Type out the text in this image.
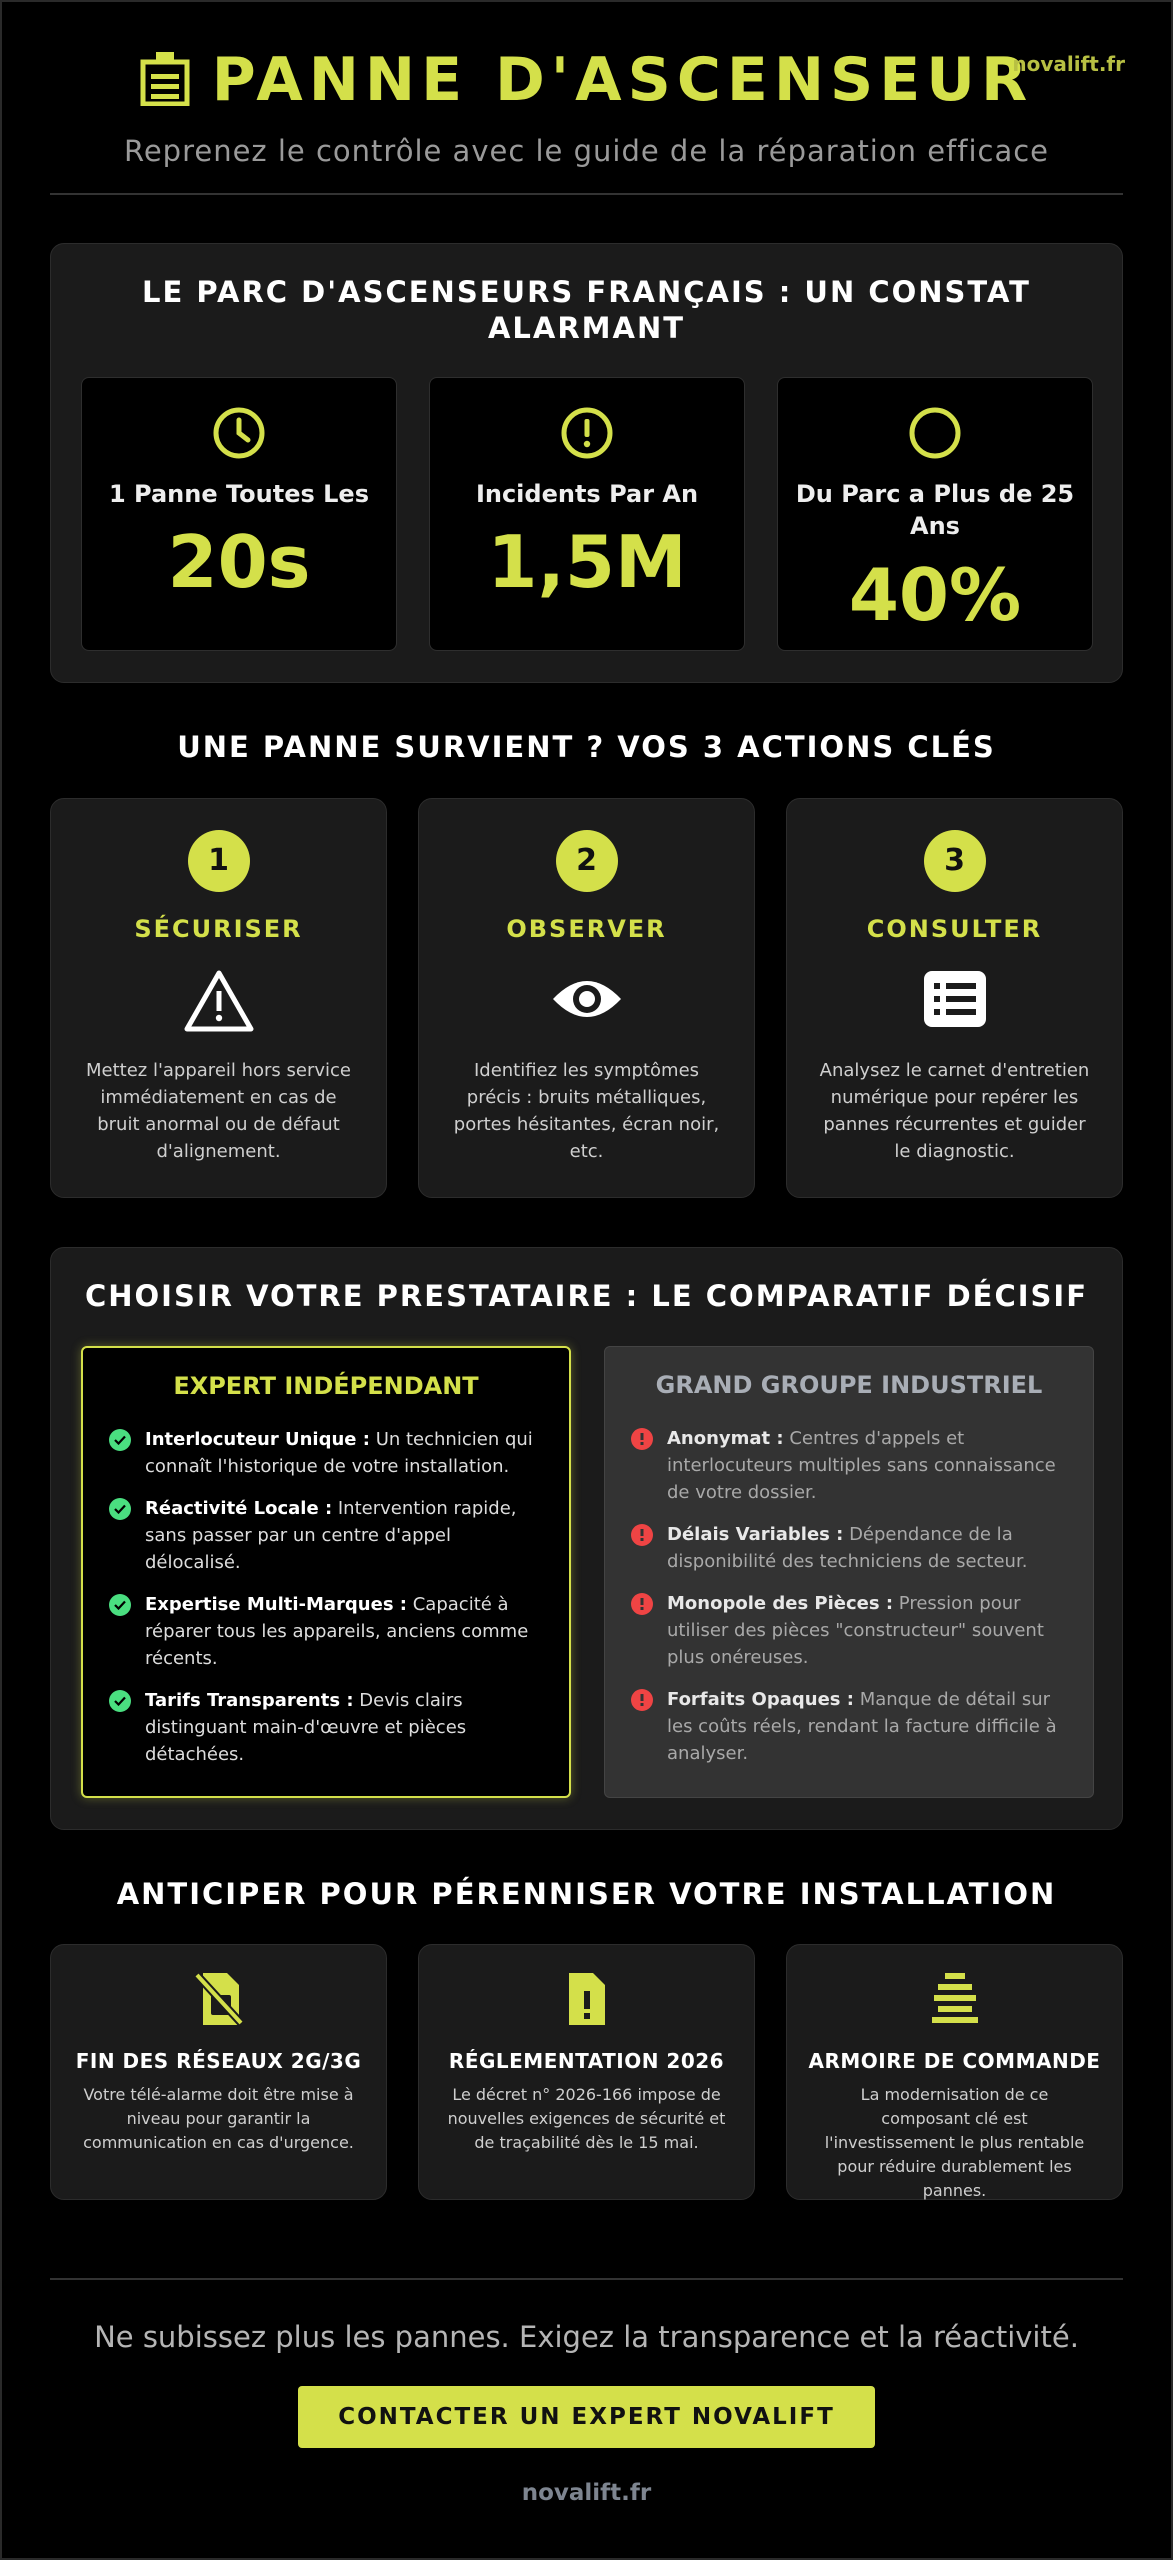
PANNE D'ASCENSEUR
novalift.fr
Reprenez le contrôle avec le guide de la réparation efficace
LE PARC D'ASCENSEURS FRANÇAIS : UN CONSTAT ALARMANT
1 Panne Toutes Les
20s
Incidents Par An
1,5M
Du Parc a Plus de 25 Ans
40%
UNE PANNE SURVIENT ? VOS 3 ACTIONS CLÉS
1
SÉCURISER
Mettez l'appareil hors service immédiatement en cas de bruit anormal ou de défaut d'alignement.
2
OBSERVER
Identifiez les symptômes précis : bruits métalliques, portes hésitantes, écran noir, etc.
3
CONSULTER
Analysez le carnet d'entretien numérique pour repérer les pannes récurrentes et guider le diagnostic.
CHOISIR VOTRE PRESTATAIRE : LE COMPARATIF DÉCISIF
EXPERT INDÉPENDANT
Interlocuteur Unique : Un technicien qui connaît l'historique de votre installation.
Réactivité Locale : Intervention rapide, sans passer par un centre d'appel délocalisé.
Expertise Multi-Marques : Capacité à réparer tous les appareils, anciens comme récents.
Tarifs Transparents : Devis clairs distinguant main-d'œuvre et pièces détachées.
GRAND GROUPE INDUSTRIEL
Anonymat : Centres d'appels et interlocuteurs multiples sans connaissance de votre dossier.
Délais Variables : Dépendance de la disponibilité des techniciens de secteur.
Monopole des Pièces : Pression pour utiliser des pièces "constructeur" souvent plus onéreuses.
Forfaits Opaques : Manque de détail sur les coûts réels, rendant la facture difficile à analyser.
ANTICIPER POUR PÉRENNISER VOTRE INSTALLATION
FIN DES RÉSEAUX 2G/3G
Votre télé-alarme doit être mise à niveau pour garantir la communication en cas d'urgence.
RÉGLEMENTATION 2026
Le décret n° 2026-166 impose de nouvelles exigences de sécurité et de traçabilité dès le 15 mai.
ARMOIRE DE COMMANDE
La modernisation de ce composant clé est l'investissement le plus rentable pour réduire durablement les pannes.
Ne subissez plus les pannes. Exigez la transparence et la réactivité.
CONTACTER UN EXPERT NOVALIFT
novalift.fr
